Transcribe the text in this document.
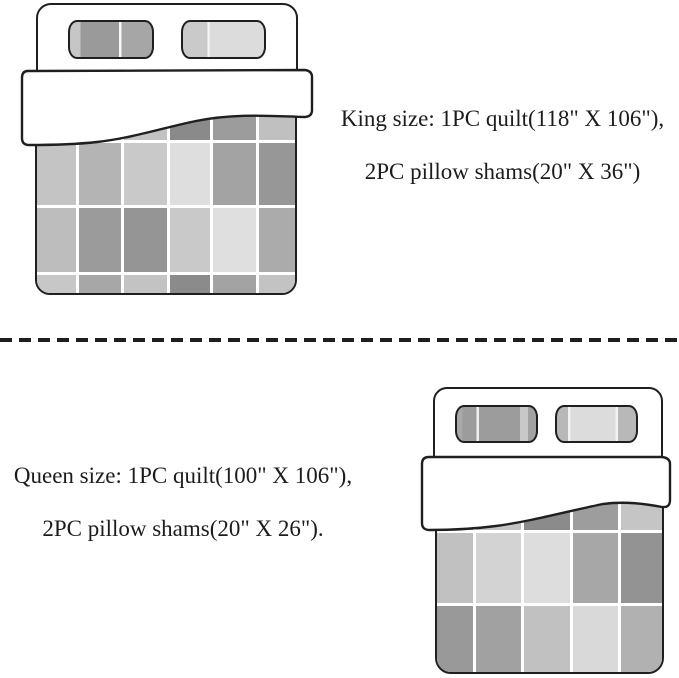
King size: 1PC quilt(118" X 106"),

2PC pillow shams(20" X 36")

Queen size: 1PC quilt(100" X 106"),

2PC pillow shams(20" X 26").
